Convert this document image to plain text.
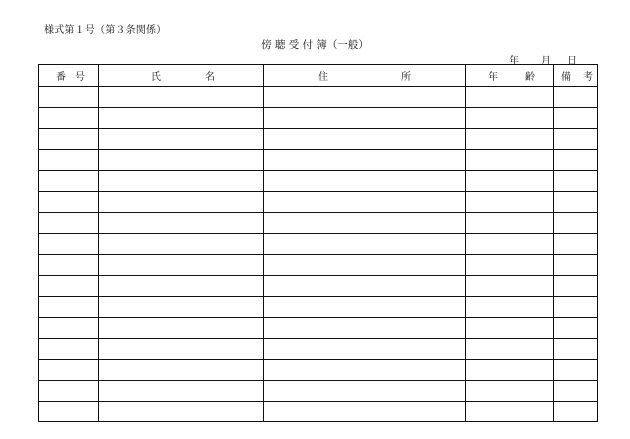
様式第１号（第３条関係）
傍 聴 受 付 簿（一般）
年 月 日
番 号	氏 名	住 所	年 齢	備 考
